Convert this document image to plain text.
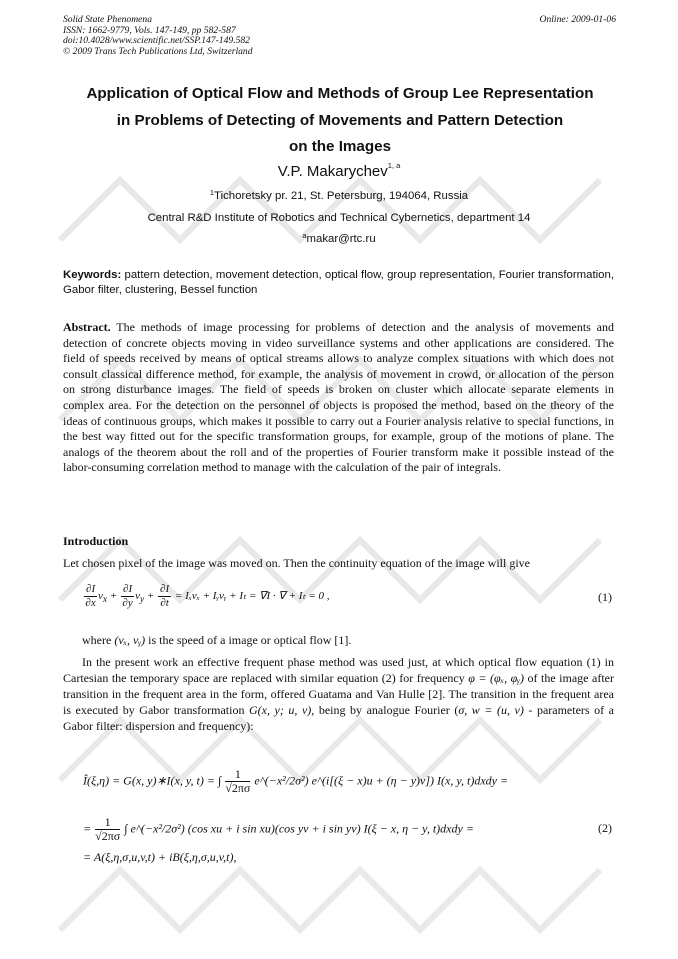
Solid State Phenomena
ISSN: 1662-9779, Vols. 147-149, pp 582-587
doi:10.4028/www.scientific.net/SSP.147-149.582
© 2009 Trans Tech Publications Ltd, Switzerland
Online: 2009-01-06
Application of Optical Flow and Methods of Group Lee Representation
in Problems of Detecting of Movements and Pattern Detection
on the Images
V.P. Makarychev$^{1, a}$
$^1$Tichoretsky pr. 21, St. Petersburg, 194064, Russia
Central R&D Institute of Robotics and Technical Cybernetics, department 14
$^a$makar@rtc.ru
Keywords: pattern detection, movement detection, optical flow, group representation, Fourier transformation, Gabor filter, clustering, Bessel function
Abstract. The methods of image processing for problems of detection and the analysis of movements and detection of concrete objects moving in video surveillance systems and other applications are considered. The field of speeds received by means of optical streams allows to analyze complex situations with which does not consult classical difference method, for example, the analysis of movement in crowd, or allocation of the person on strong disturbance images. The field of speeds is broken on cluster which allocate separate elements in complex area. For the detection on the personnel of objects is proposed the method, based on the theory of the ideas of continuous groups, which makes it possible to carry out a Fourier analysis relative to special functions, in the best way fitted out for the specific transformation groups, for example, group of the motions of plane. The analogs of the theorem about the roll and of the properties of Fourier transform make it possible instead of the labor-consuming correlation method to manage with the calculation of the pair of integrals.
Introduction
Let chosen pixel of the image was moved on. Then the continuity equation of the image will give
$\frac{\partial I}{\partial x} v_x + \frac{\partial I}{\partial y} v_y + \frac{\partial I}{\partial t} = I_xv_x$ + Iᵧvᵧ + Iₜ = ∇I · ∇ + Iₜ = 0 ,	(1)
where (vₓ, vᵧ) is the speed of a image or optical flow [1].
In the present work an effective frequent phase method was used just, at which optical flow equation (1) in Cartesian the temporary space are replaced with similar equation (2) for frequency φ = (φₓ, φᵧ) of the image after transition in the frequent area in the form, offered Guatama and Van Hulle [2]. The transition in the frequent area is executed by Gabor transformation G(x, y; u, v), being by analogue Fourier (σ, w = (u, v) - parameters of a Gabor filter: dispersion and frequency):
Î(ξ,η) = G(x, y)∗I(x, y, t) = ∫ $\frac{1}{√2\pi\sigma}$ e^(−x²/2σ²) e^(i[(ξ − x)u + (η − y)v]) I(x, y, t)dxdy =
= $\frac{1}{√2\pi\sigma}$ ∫ e^(−x²/2σ²) (cos xu + i sin xu)(cos yv + i sin yv) I(ξ − x, η − y, t)dxdy =	(2)
= A(ξ,η,σ,u,v,t) + iB(ξ,η,σ,u,v,t),
